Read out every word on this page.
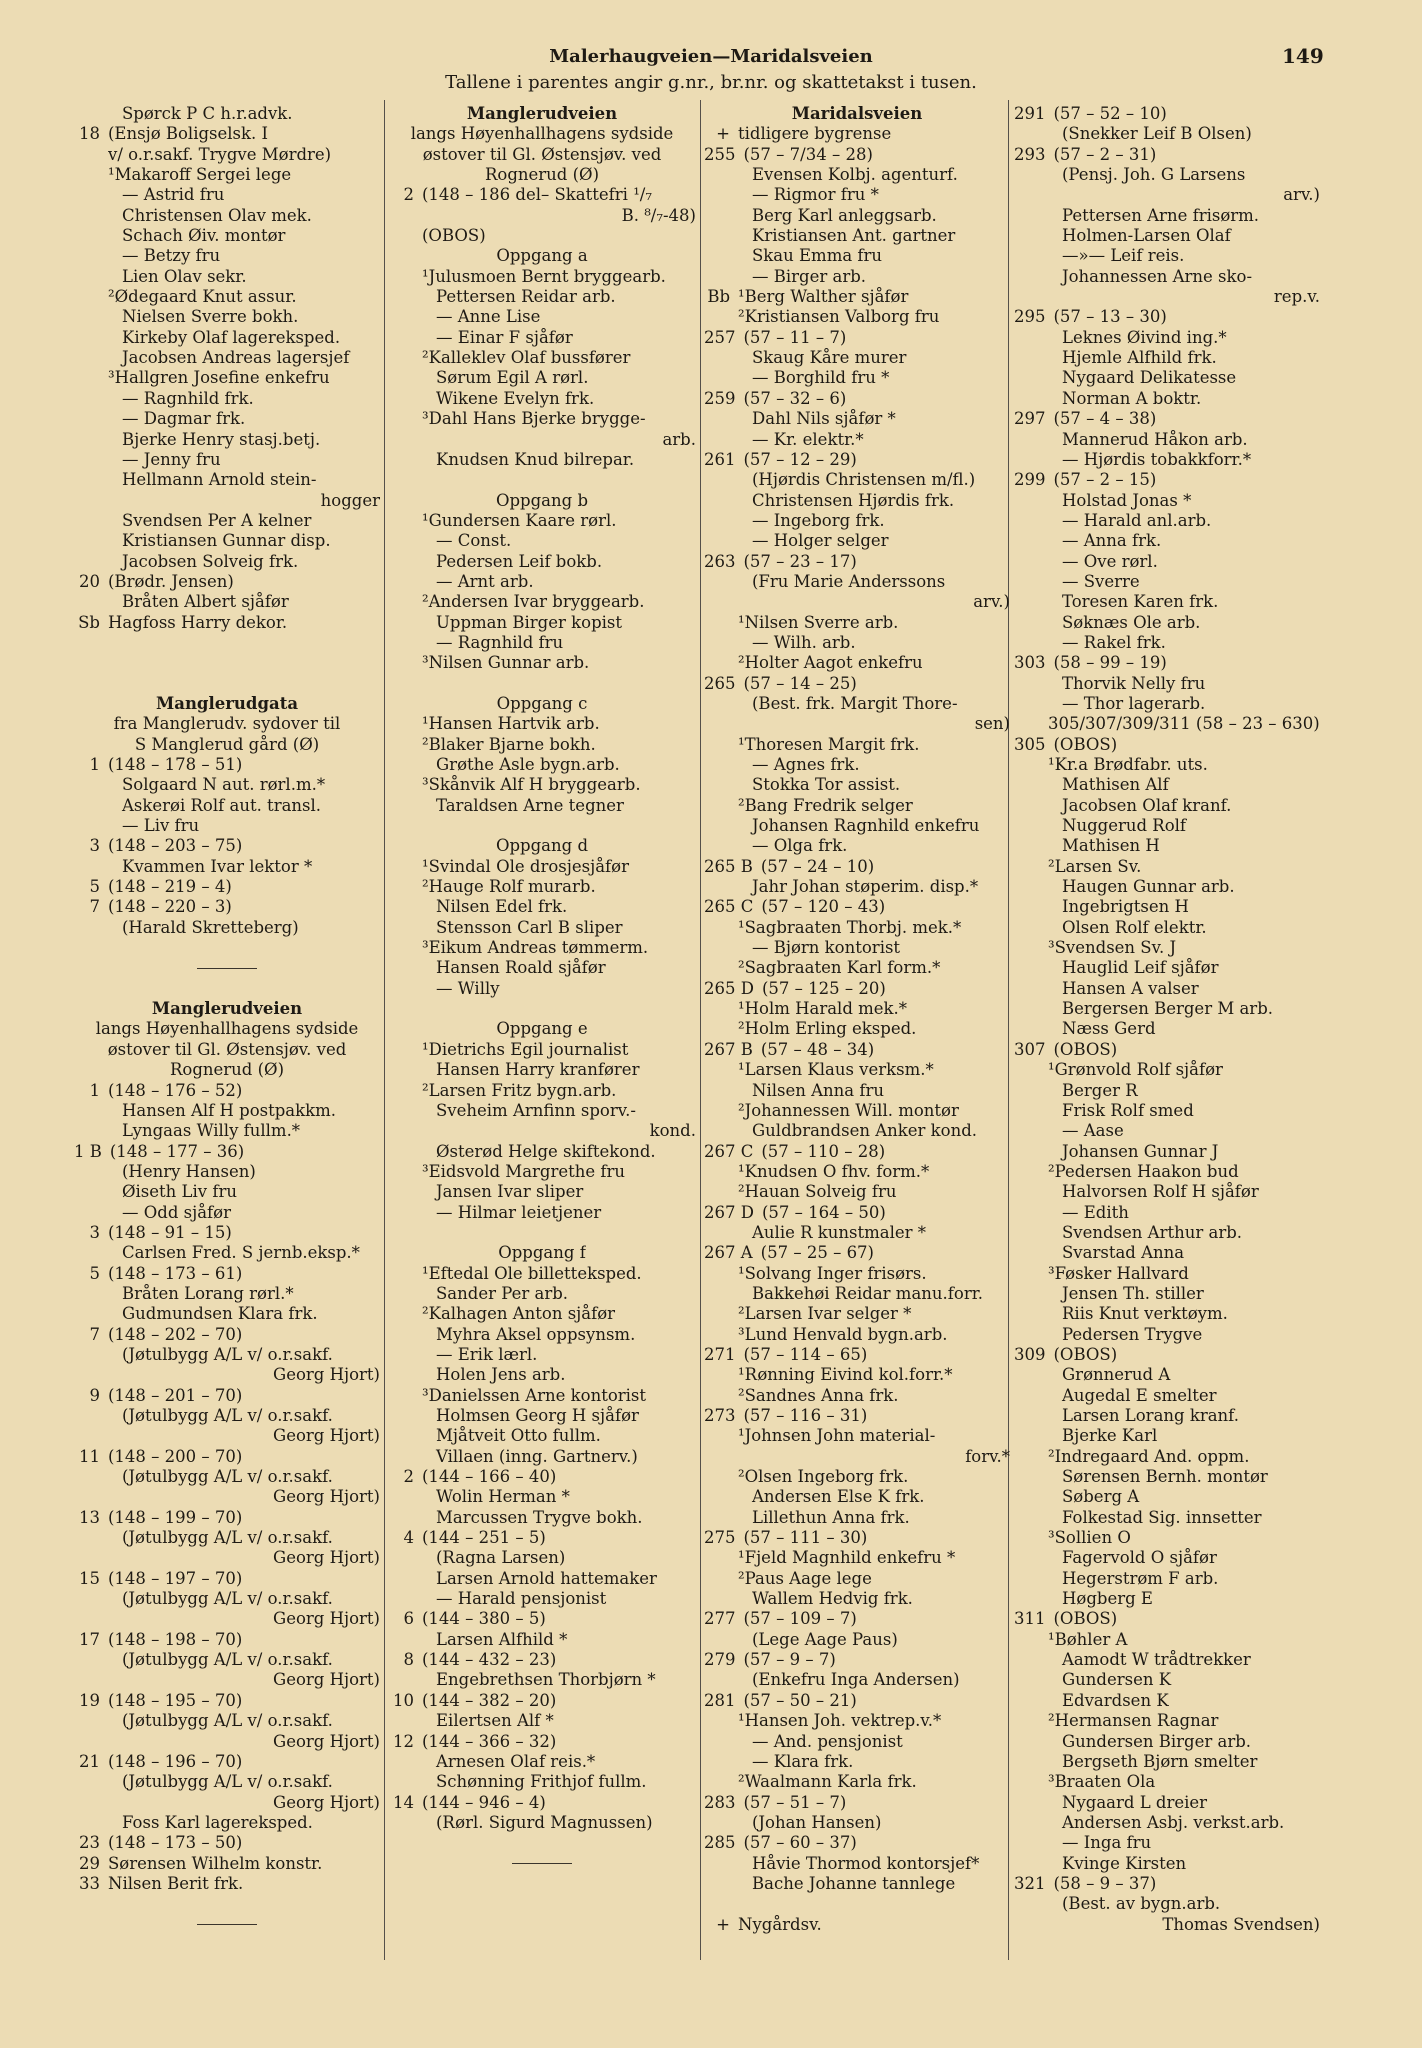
Malerhaugveien—Maridalsveien	149
Tallene i parentes angir g.nr., br.nr. og skattetakst i tusen.
Spørck P C h.r.advk.
18 (Ensjø Boligselsk. I
v/ o.r.sakf. Trygve Mørdre)
¹Makaroff Sergei lege
— Astrid fru
Christensen Olav mek.
Schach Øiv. montør
— Betzy fru
Lien Olav sekr.
²Ødegaard Knut assur.
Nielsen Sverre bokh.
Kirkeby Olaf lagereksped.
Jacobsen Andreas lagersjef
³Hallgren Josefine enkefru
— Ragnhild frk.
— Dagmar frk.
Bjerke Henry stasj.betj.
— Jenny fru
Hellmann Arnold stein-
hogger
Svendsen Per A kelner
Kristiansen Gunnar disp.
Jacobsen Solveig frk.
20 (Brødr. Jensen)
Bråten Albert sjåfør
Sb Hagfoss Harry dekor.
Manglerudgata
fra Manglerudv. sydover til
S Manglerud gård (Ø)
1 (148 – 178 – 51)
Solgaard N aut. rørl.m.*
Askerøi Rolf aut. transl.
— Liv fru
3 (148 – 203 – 75)
Kvammen Ivar lektor *
5 (148 – 219 – 4)
7 (148 – 220 – 3)
(Harald Skretteberg)
Manglerudveien
langs Høyenhallhagens sydside
østover til Gl. Østensjøv. ved
Rognerud (Ø)
1 (148 – 176 – 52)
Hansen Alf H postpakkm.
Lyngaas Willy fullm.*
1 B (148 – 177 – 36)
(Henry Hansen)
Øiseth Liv fru
— Odd sjåfør
3 (148 – 91 – 15)
Carlsen Fred. S jernb.eksp.*
5 (148 – 173 – 61)
Bråten Lorang rørl.*
Gudmundsen Klara frk.
7 (148 – 202 – 70)
(Jøtulbygg A/L v/ o.r.sakf.
Georg Hjort)
9 (148 – 201 – 70)
(Jøtulbygg A/L v/ o.r.sakf.
Georg Hjort)
11 (148 – 200 – 70)
(Jøtulbygg A/L v/ o.r.sakf.
Georg Hjort)
13 (148 – 199 – 70)
(Jøtulbygg A/L v/ o.r.sakf.
Georg Hjort)
15 (148 – 197 – 70)
(Jøtulbygg A/L v/ o.r.sakf.
Georg Hjort)
17 (148 – 198 – 70)
(Jøtulbygg A/L v/ o.r.sakf.
Georg Hjort)
19 (148 – 195 – 70)
(Jøtulbygg A/L v/ o.r.sakf.
Georg Hjort)
21 (148 – 196 – 70)
(Jøtulbygg A/L v/ o.r.sakf.
Georg Hjort)
Foss Karl lagereksped.
23 (148 – 173 – 50)
29 Sørensen Wilhelm konstr.
33 Nilsen Berit frk.
Manglerudveien
langs Høyenhallhagens sydside
østover til Gl. Østensjøv. ved
Rognerud (Ø)
2 (148 – 186 del– Skattefri ¹/₇
B. ⁸/₇-48)
(OBOS)
Oppgang a
¹Julusmoen Bernt bryggearb.
Pettersen Reidar arb.
— Anne Lise
— Einar F sjåfør
²Kalleklev Olaf bussfører
Sørum Egil A rørl.
Wikene Evelyn frk.
³Dahl Hans Bjerke brygge-
arb.
Knudsen Knud bilrepar.
Oppgang b
¹Gundersen Kaare rørl.
— Const.
Pedersen Leif bokb.
— Arnt arb.
²Andersen Ivar bryggearb.
Uppman Birger kopist
— Ragnhild fru
³Nilsen Gunnar arb.
Oppgang c
¹Hansen Hartvik arb.
²Blaker Bjarne bokh.
Grøthe Asle bygn.arb.
³Skånvik Alf H bryggearb.
Taraldsen Arne tegner
Oppgang d
¹Svindal Ole drosjesjåfør
²Hauge Rolf murarb.
Nilsen Edel frk.
Stensson Carl B sliper
³Eikum Andreas tømmerm.
Hansen Roald sjåfør
— Willy
Oppgang e
¹Dietrichs Egil journalist
Hansen Harry kranfører
²Larsen Fritz bygn.arb.
Sveheim Arnfinn sporv.-
kond.
Østerød Helge skiftekond.
³Eidsvold Margrethe fru
Jansen Ivar sliper
— Hilmar leietjener
Oppgang f
¹Eftedal Ole billetteksped.
Sander Per arb.
²Kalhagen Anton sjåfør
Myhra Aksel oppsynsm.
— Erik lærl.
Holen Jens arb.
³Danielssen Arne kontorist
Holmsen Georg H sjåfør
Mjåtveit Otto fullm.
Villaen (inng. Gartnerv.)
2 (144 – 166 – 40)
Wolin Herman *
Marcussen Trygve bokh.
4 (144 – 251 – 5)
(Ragna Larsen)
Larsen Arnold hattemaker
— Harald pensjonist
6 (144 – 380 – 5)
Larsen Alfhild *
8 (144 – 432 – 23)
Engebrethsen Thorbjørn *
10 (144 – 382 – 20)
Eilertsen Alf *
12 (144 – 366 – 32)
Arnesen Olaf reis.*
Schønning Frithjof fullm.
14 (144 – 946 – 4)
(Rørl. Sigurd Magnussen)
Maridalsveien
+ tidligere bygrense
255 (57 – 7/34 – 28)
Evensen Kolbj. agenturf.
— Rigmor fru *
Berg Karl anleggsarb.
Kristiansen Ant. gartner
Skau Emma fru
— Birger arb.
Bb ¹Berg Walther sjåfør
²Kristiansen Valborg fru
257 (57 – 11 – 7)
Skaug Kåre murer
— Borghild fru *
259 (57 – 32 – 6)
Dahl Nils sjåfør *
— Kr. elektr.*
261 (57 – 12 – 29)
(Hjørdis Christensen m/fl.)
Christensen Hjørdis frk.
— Ingeborg frk.
— Holger selger
263 (57 – 23 – 17)
(Fru Marie Anderssons
arv.)
¹Nilsen Sverre arb.
— Wilh. arb.
²Holter Aagot enkefru
265 (57 – 14 – 25)
(Best. frk. Margit Thore-
sen)
¹Thoresen Margit frk.
— Agnes frk.
Stokka Tor assist.
²Bang Fredrik selger
Johansen Ragnhild enkefru
— Olga frk.
265 B (57 – 24 – 10)
Jahr Johan støperim. disp.*
265 C (57 – 120 – 43)
¹Sagbraaten Thorbj. mek.*
— Bjørn kontorist
²Sagbraaten Karl form.*
265 D (57 – 125 – 20)
¹Holm Harald mek.*
²Holm Erling eksped.
267 B (57 – 48 – 34)
¹Larsen Klaus verksm.*
Nilsen Anna fru
²Johannessen Will. montør
Guldbrandsen Anker kond.
267 C (57 – 110 – 28)
¹Knudsen O fhv. form.*
²Hauan Solveig fru
267 D (57 – 164 – 50)
Aulie R kunstmaler *
267 A (57 – 25 – 67)
¹Solvang Inger frisørs.
Bakkehøi Reidar manu.forr.
²Larsen Ivar selger *
³Lund Henvald bygn.arb.
271 (57 – 114 – 65)
¹Rønning Eivind kol.forr.*
²Sandnes Anna frk.
273 (57 – 116 – 31)
¹Johnsen John material-
forv.*
²Olsen Ingeborg frk.
Andersen Else K frk.
Lillethun Anna frk.
275 (57 – 111 – 30)
¹Fjeld Magnhild enkefru *
²Paus Aage lege
Wallem Hedvig frk.
277 (57 – 109 – 7)
(Lege Aage Paus)
279 (57 – 9 – 7)
(Enkefru Inga Andersen)
281 (57 – 50 – 21)
¹Hansen Joh. vektrep.v.*
— And. pensjonist
— Klara frk.
²Waalmann Karla frk.
283 (57 – 51 – 7)
(Johan Hansen)
285 (57 – 60 – 37)
Håvie Thormod kontorsjef*
Bache Johanne tannlege
+ Nygårdsv.
291 (57 – 52 – 10)
(Snekker Leif B Olsen)
293 (57 – 2 – 31)
(Pensj. Joh. G Larsens
arv.)
Pettersen Arne frisørm.
Holmen-Larsen Olaf
—»— Leif reis.
Johannessen Arne sko-
rep.v.
295 (57 – 13 – 30)
Leknes Øivind ing.*
Hjemle Alfhild frk.
Nygaard Delikatesse
Norman A boktr.
297 (57 – 4 – 38)
Mannerud Håkon arb.
— Hjørdis tobakkforr.*
299 (57 – 2 – 15)
Holstad Jonas *
— Harald anl.arb.
— Anna frk.
— Ove rørl.
— Sverre
Toresen Karen frk.
Søknæs Ole arb.
— Rakel frk.
303 (58 – 99 – 19)
Thorvik Nelly fru
— Thor lagerarb.
305/307/309/311 (58 – 23 – 630)
305 (OBOS)
¹Kr.a Brødfabr. uts.
Mathisen Alf
Jacobsen Olaf kranf.
Nuggerud Rolf
Mathisen H
²Larsen Sv.
Haugen Gunnar arb.
Ingebrigtsen H
Olsen Rolf elektr.
³Svendsen Sv. J
Hauglid Leif sjåfør
Hansen A valser
Bergersen Berger M arb.
Næss Gerd
307 (OBOS)
¹Grønvold Rolf sjåfør
Berger R
Frisk Rolf smed
— Aase
Johansen Gunnar J
²Pedersen Haakon bud
Halvorsen Rolf H sjåfør
— Edith
Svendsen Arthur arb.
Svarstad Anna
³Føsker Hallvard
Jensen Th. stiller
Riis Knut verktøym.
Pedersen Trygve
309 (OBOS)
Grønnerud A
Augedal E smelter
Larsen Lorang kranf.
Bjerke Karl
²Indregaard And. oppm.
Sørensen Bernh. montør
Søberg A
Folkestad Sig. innsetter
³Sollien O
Fagervold O sjåfør
Hegerstrøm F arb.
Høgberg E
311 (OBOS)
¹Bøhler A
Aamodt W trådtrekker
Gundersen K
Edvardsen K
²Hermansen Ragnar
Gundersen Birger arb.
Bergseth Bjørn smelter
³Braaten Ola
Nygaard L dreier
Andersen Asbj. verkst.arb.
— Inga fru
Kvinge Kirsten
321 (58 – 9 – 37)
(Best. av bygn.arb.
Thomas Svendsen)
